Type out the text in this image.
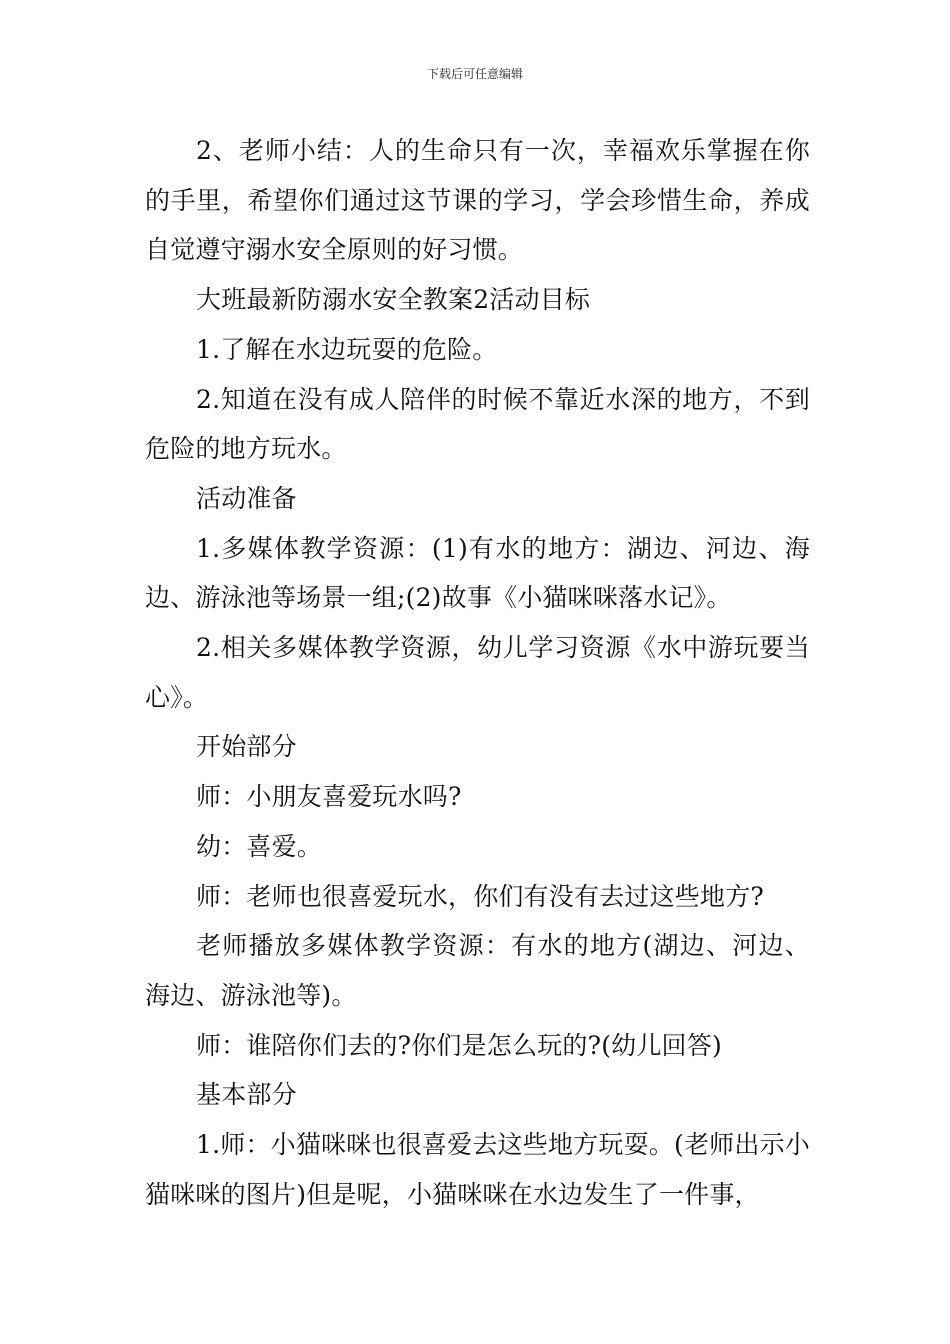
下载后可任意编辑

2、老师小结：人的生命只有一次，幸福欢乐掌握在你的手里，希望你们通过这节课的学习，学会珍惜生命，养成自觉遵守溺水安全原则的好习惯。

大班最新防溺水安全教案2活动目标

1.了解在水边玩耍的危险。

2.知道在没有成人陪伴的时候不靠近水深的地方，不到危险的地方玩水。

活动准备

1.多媒体教学资源：(1)有水的地方：湖边、河边、海边、游泳池等场景一组;(2)故事《小猫咪咪落水记》。

2.相关多媒体教学资源，幼儿学习资源《水中游玩要当心》。

开始部分

师：小朋友喜爱玩水吗?

幼：喜爱。

师：老师也很喜爱玩水，你们有没有去过这些地方?

老师播放多媒体教学资源：有水的地方(湖边、河边、海边、游泳池等)。

师：谁陪你们去的?你们是怎么玩的?(幼儿回答)

基本部分

1.师：小猫咪咪也很喜爱去这些地方玩耍。(老师出示小猫咪咪的图片)但是呢，小猫咪咪在水边发生了一件事，
